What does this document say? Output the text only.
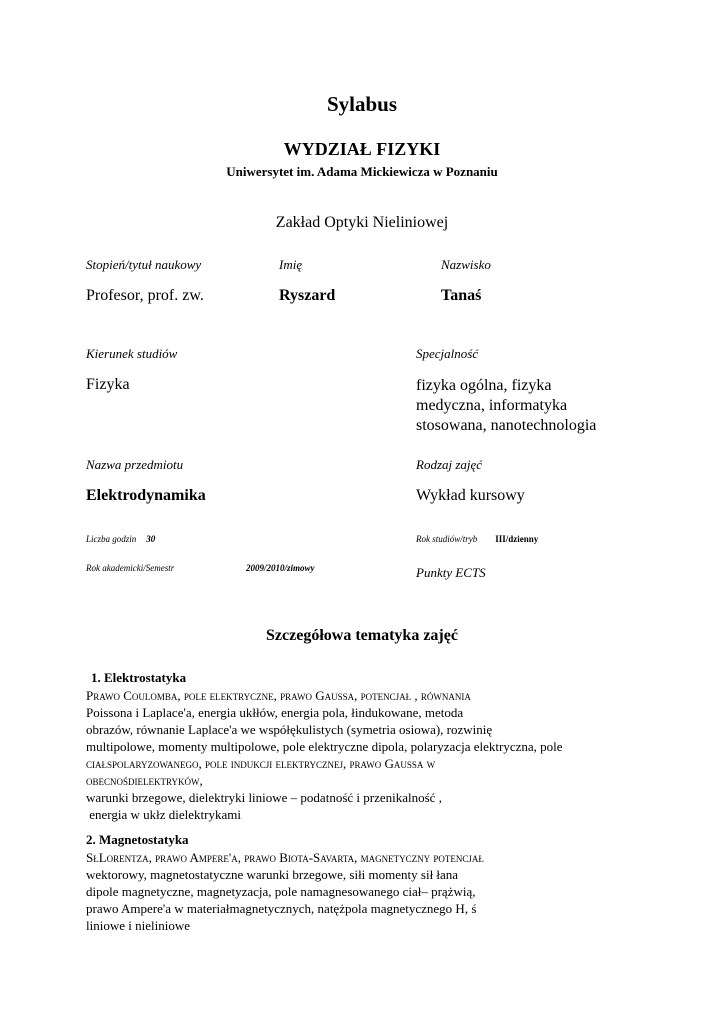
Sylabus
WYDZIAŁ FIZYKI
Uniwersytet im. Adama Mickiewicza w Poznaniu
Zakład Optyki Nieliniowej
Stopień/tytuł naukowy	Imię	Nazwisko
Profesor, prof. zw.	Ryszard	Tanaś
Kierunek studiów	Specjalność
Fizyka	fizyka ogólna, fizyka
medyczna, informatyka
stosowana, nanotechnologia
Nazwa przedmiotu	Rodzaj zajęć
Elektrodynamika	Wykład kursowy
Liczba godzin 30	Rok studiów/tryb III/dzienny
Rok akademicki/Semestr	2009/2010/zimowy	Punkty ECTS
Szczegółowa tematyka zajęć
1. Elektrostatyka
Prawo Coulomba, pole elektryczne, prawo Gaussa, potencjał , równania
Poissona i Laplace'a, energia ukłłów, energia pola, łindukowane, metoda
obrazów, równanie Laplace'a we współękulistych (symetria osiowa), rozwinię
multipolowe, momenty multipolowe, pole elektryczne dipola, polaryzacja elektryczna, pole
ciałspolaryzowanego, pole indukcji elektrycznej, prawo Gaussa w
obecnośdielektryków,
warunki brzegowe, dielektryki liniowe – podatność i przenikalność ,
energia w ukłz dielektrykami
2. Magnetostatyka
SłLorentza, prawo Ampere'a, prawo Biota-Savarta, magnetyczny potencjał
wektorowy, magnetostatyczne warunki brzegowe, siłi momenty sił łana
dipole magnetyczne, magnetyzacja, pole namagnesowanego ciał– prążwią,
prawo Ampere'a w materiałmagnetycznych, natężpola magnetycznego H, ś
liniowe i nieliniowe
